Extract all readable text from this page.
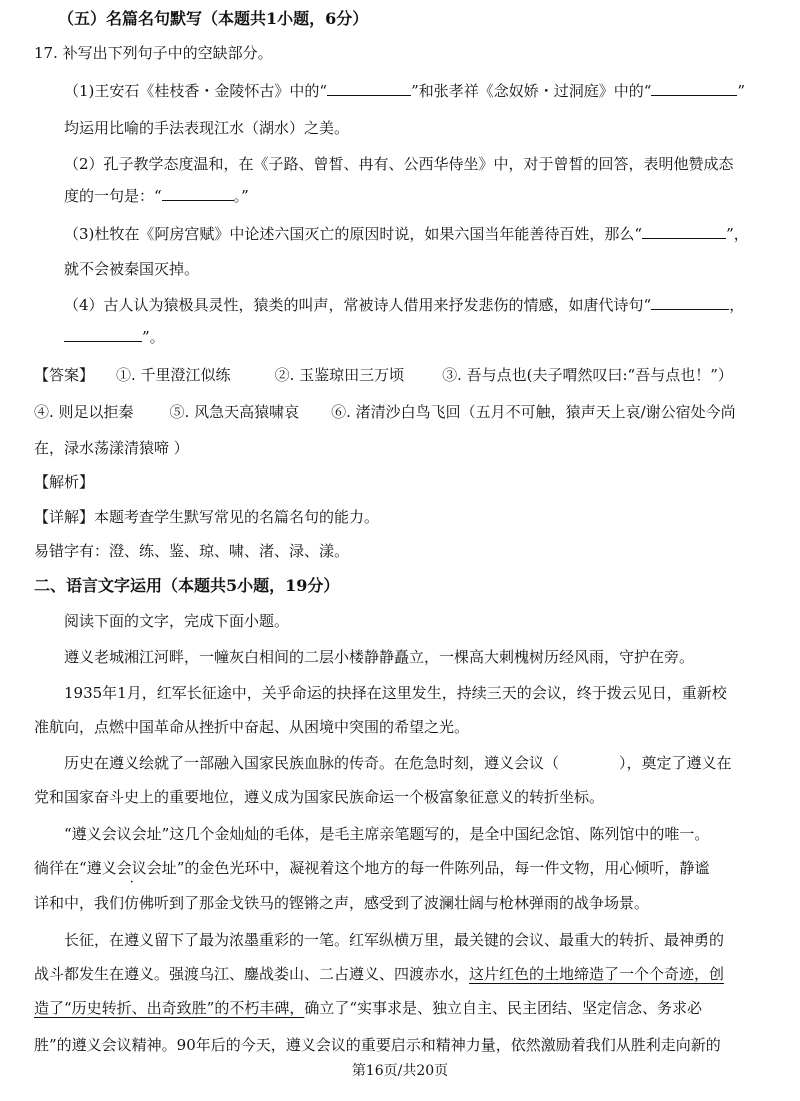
（五）名篇名句默写（本题共1小题，6分）
17. 补写出下列句子中的空缺部分。
（1)王安石《桂枝香・金陵怀古》中的“	”和张孝祥《念奴娇・过洞庭》中的“	”
均运用比喻的手法表现江水（湖水）之美。
（2）孔子教学态度温和，在《子路、曾皙、冉有、公西华侍坐》中，对于曾皙的回答，表明他赞成态
度的一句是：“	。”
（3)杜牧在《阿房宫赋》中论述六国灭亡的原因时说，如果六国当年能善待百姓，那么“	”，
就不会被秦国灭掉。
（4）古人认为猿极具灵性，猿类的叫声，常被诗人借用来抒发悲伤的情感，如唐代诗句“	，
”。
【答案】 ①. 千里澄江似练	②. 玉鉴琼田三万顷	③. 吾与点也(夫子喟然叹曰:“吾与点也！”）
④. 则足以拒秦 ⑤. 风急天高猿啸哀 ⑥. 渚清沙白鸟飞回（五月不可触，猿声天上哀/谢公宿处今尚
在，渌水荡漾清猿啼 ）
【解析】
【详解】本题考查学生默写常见的名篇名句的能力。
易错字有：澄、练、鉴、琼、啸、渚、渌、漾。
二、语言文字运用（本题共5小题，19分）
阅读下面的文字，完成下面小题。
遵义老城湘江河畔，一幢灰白相间的二层小楼静静矗立，一棵高大刺槐树历经风雨，守护在旁。
1935年1月，红军长征途中，关乎命运的抉择在这里发生，持续三天的会议，终于拨云见日，重新校
准航向，点燃中国革命从挫折中奋起、从困境中突围的希望之光。
历史在遵义绘就了一部融入国家民族血脉的传奇。在危急时刻，遵义会议（	），奠定了遵义在
党和国家奋斗史上的重要地位，遵义成为国家民族命运一个极富象征意义的转折坐标。
“遵义会议会址”这几个金灿灿的毛体，是毛主席亲笔题写的，是全中国纪念馆、陈列馆中的唯一。
徜徉在“遵义会议会址 ·”的金色光环中，凝视着这个地方的每一件陈列品，每一件文物，用心倾听，静谧
详和中，我们仿佛听到了那金戈铁马的铿锵之声，感受到了波澜壮阔与枪林弹雨的战争场景。
长征，在遵义留下了最为浓墨重彩的一笔。红军纵横万里，最关键的会议、最重大的转折、最神勇的
战斗都发生在遵义。强渡乌江、鏖战娄山、二占遵义、四渡赤水，这片红色的土地缔造了一个个奇迹，创
造了“历史转折、出奇致胜”的不朽丰碑，确立了“实事求是、独立自主、民主团结、坚定信念、务求必
胜”的遵义会议精神。90年后的今天，遵义会议的重要启示和精神力量，依然激励着我们从胜利走向新的
第16页/共20页
